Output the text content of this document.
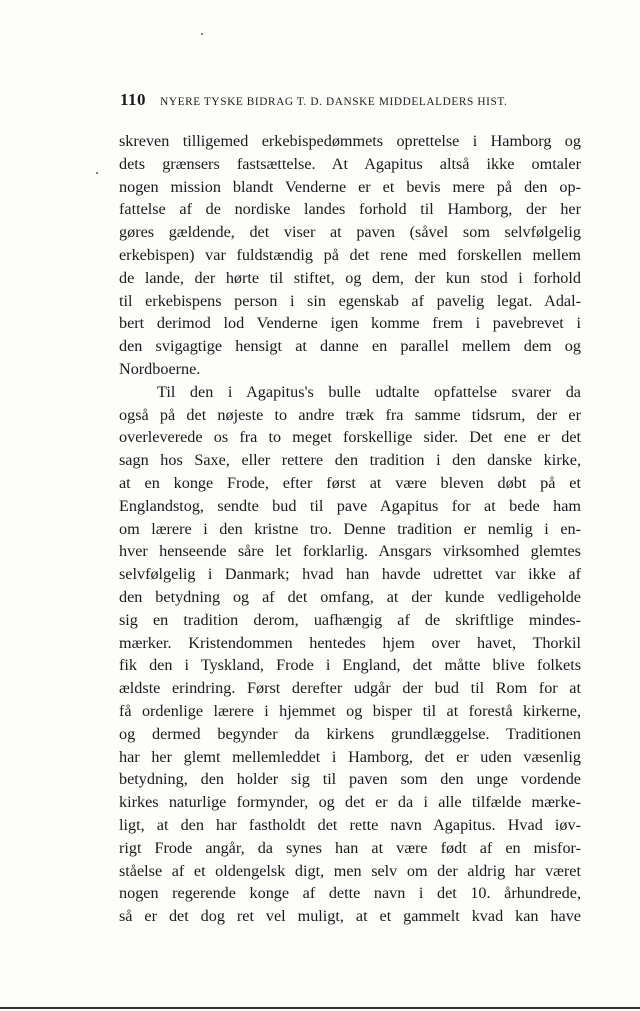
110 NYERE TYSKE BIDRAG T. D. DANSKE MIDDELALDERS HIST.
skreven tilligemed erkebispedømmets oprettelse i Hamborg og
dets grænsers fastsættelse. At Agapitus altså ikke omtaler
nogen mission blandt Venderne er et bevis mere på den op-
fattelse af de nordiske landes forhold til Hamborg, der her
gøres gældende, det viser at paven (såvel som selvfølgelig
erkebispen) var fuldstændig på det rene med forskellen mellem
de lande, der hørte til stiftet, og dem, der kun stod i forhold
til erkebispens person i sin egenskab af pavelig legat. Adal-
bert derimod lod Venderne igen komme frem i pavebrevet i
den svigagtige hensigt at danne en parallel mellem dem og
Nordboerne.
Til den i Agapitus's bulle udtalte opfattelse svarer da
også på det nøjeste to andre træk fra samme tidsrum, der er
overleverede os fra to meget forskellige sider. Det ene er det
sagn hos Saxe, eller rettere den tradition i den danske kirke,
at en konge Frode, efter først at være bleven døbt på et
Englandstog, sendte bud til pave Agapitus for at bede ham
om lærere i den kristne tro. Denne tradition er nemlig i en-
hver henseende såre let forklarlig. Ansgars virksomhed glemtes
selvfølgelig i Danmark; hvad han havde udrettet var ikke af
den betydning og af det omfang, at der kunde vedligeholde
sig en tradition derom, uafhængig af de skriftlige mindes-
mærker. Kristendommen hentedes hjem over havet, Thorkil
fik den i Tyskland, Frode i England, det måtte blive folkets
ældste erindring. Først derefter udgår der bud til Rom for at
få ordenlige lærere i hjemmet og bisper til at forestå kirkerne,
og dermed begynder da kirkens grundlæggelse. Traditionen
har her glemt mellemleddet i Hamborg, det er uden væsenlig
betydning, den holder sig til paven som den unge vordende
kirkes naturlige formynder, og det er da i alle tilfælde mærke-
ligt, at den har fastholdt det rette navn Agapitus. Hvad iøv-
rigt Frode angår, da synes han at være født af en misfor-
ståelse af et oldengelsk digt, men selv om der aldrig har været
nogen regerende konge af dette navn i det 10. århundrede,
så er det dog ret vel muligt, at et gammelt kvad kan have
